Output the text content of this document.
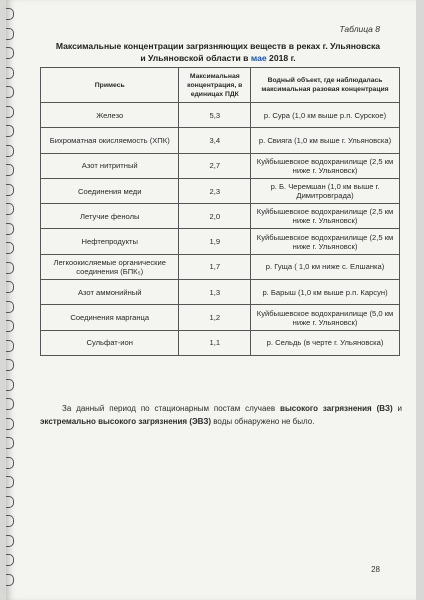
Таблица 8
Максимальные концентрации загрязняющих веществ в реках г. Ульяновска
и Ульяновской области в мае 2018 г.
Примесь	Максимальная концентрация, в единицах ПДК	Водный объект, где наблюдалась максимальная разовая концентрация
Железо	5,3	р. Сура (1,0 км выше р.п. Сурское)
Бихроматная окисляемость (ХПК)	3,4	р. Свияга (1,0 км выше г. Ульяновска)
Азот нитритный	2,7	Куйбышевское водохранилище (2,5 км ниже г. Ульяновск)
Соединения меди	2,3	р. Б. Черемшан (1,0 км выше г. Димитровграда)
Летучие фенолы	2,0	Куйбышевское водохранилище (2,5 км ниже г. Ульяновск)
Нефтепродукты	1,9	Куйбышевское водохранилище (2,5 км ниже г. Ульяновск)
Легкоокисляемые органические соединения (БПК₅)	1,7	р. Гуща ( 1,0 км ниже с. Елшанка)
Азот аммонийный	1,3	р. Барыш (1,0 км выше р.п. Карсун)
Соединения марганца	1,2	Куйбышевское водохранилище (5,0 км ниже г. Ульяновск)
Сульфат-ион	1,1	р. Сельдь (в черте г. Ульяновска)
За данный период по стационарным постам случаев высокого загрязнения (ВЗ) и экстремально высокого загрязнения (ЭВЗ) воды обнаружено не было.
28
